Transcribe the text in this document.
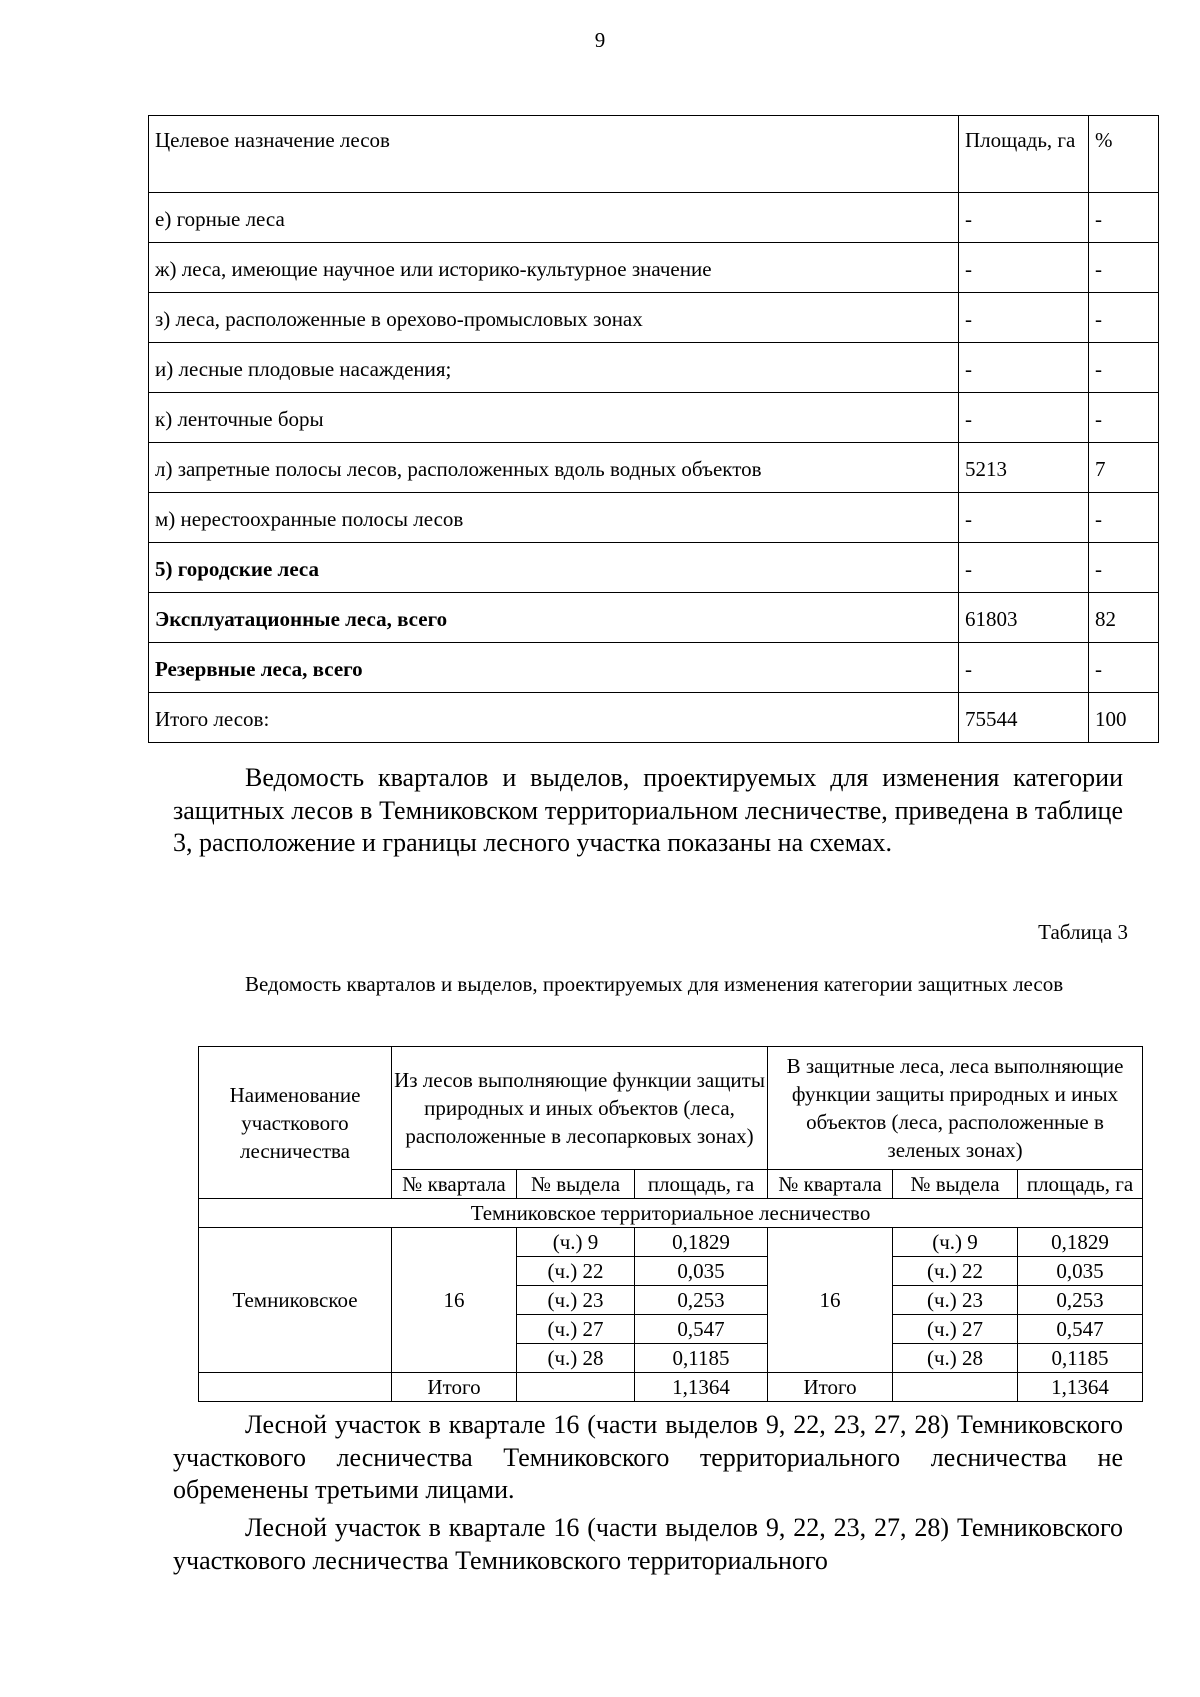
9
Целевое назначение лесов	Площадь, га	%
е) горные леса	-	-
ж) леса, имеющие научное или историко-культурное значение	-	-
з) леса, расположенные в орехово-промысловых зонах	-	-
и) лесные плодовые насаждения;	-	-
к) ленточные боры	-	-
л) запретные полосы лесов, расположенных вдоль водных объектов	5213	7
м) нерестоохранные полосы лесов	-	-
5) городские леса	-	-
Эксплуатационные леса, всего	61803	82
Резервные леса, всего	-	-
Итого лесов:	75544	100
Ведомость кварталов и выделов, проектируемых для изменения категории защитных лесов в Темниковском территориальном лесничестве, приведена в таблице 3, расположение и границы лесного участка показаны на схемах.
Таблица 3
Ведомость кварталов и выделов, проектируемых для изменения категории защитных лесов
Наименование участкового лесничества	Из лесов выполняющие функции защиты природных и иных объектов (леса, расположенные в лесопарковых зонах)			В защитные леса, леса выполняющие функции защиты природных и иных объектов (леса, расположенные в зеленых зонах)		
	№ квартала	№ выдела	площадь, га	№ квартала	№ выдела	площадь, га
Темниковское территориальное лесничество						
Темниковское	16	(ч.) 9	0,1829	16	(ч.) 9	0,1829
		(ч.) 22	0,035		(ч.) 22	0,035
		(ч.) 23	0,253		(ч.) 23	0,253
		(ч.) 27	0,547		(ч.) 27	0,547
		(ч.) 28	0,1185		(ч.) 28	0,1185
	Итого		1,1364	Итого		1,1364
Лесной участок в квартале 16 (части выделов 9, 22, 23, 27, 28) Темниковского участкового лесничества Темниковского территориального лесничества не обременены третьими лицами.
Лесной участок в квартале 16 (части выделов 9, 22, 23, 27, 28) Темниковского участкового лесничества Темниковского территориального
